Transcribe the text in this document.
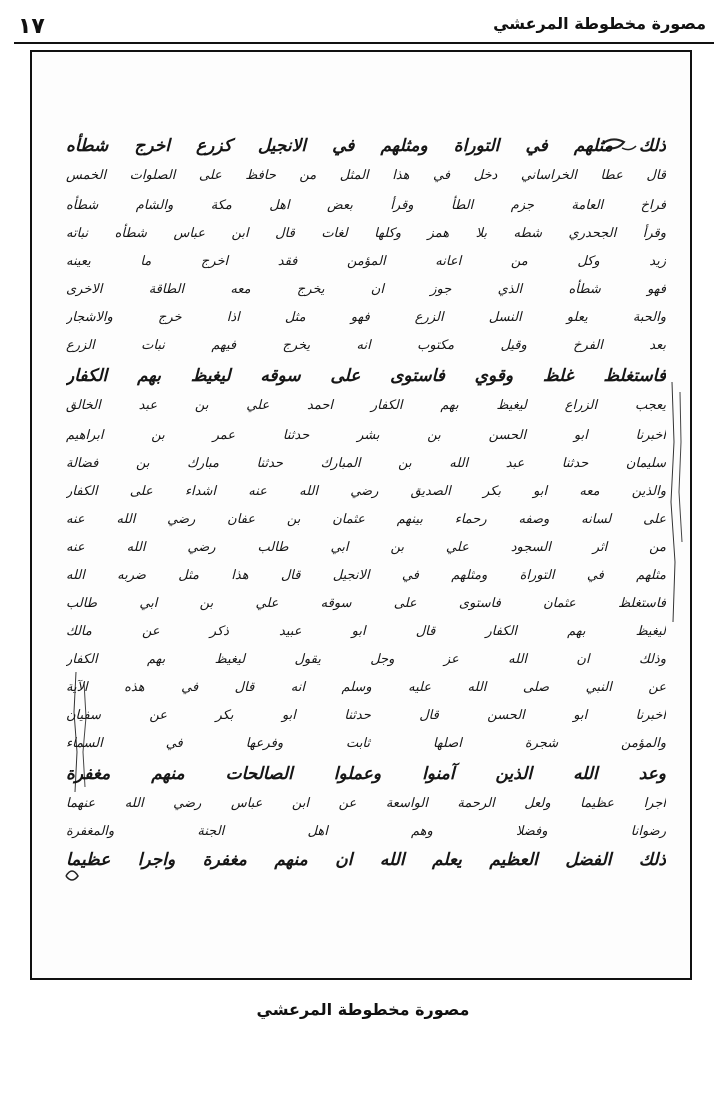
١٧	مصورة مخطوطة المرعشي
ذلك مثلهم في التوراة ومثلهم في الانجيل كزرع اخرج شطأه
قال عطا الخراساني دخل في هذا المثل من حافظ على الصلوات الخمس
فراخ العامة جزم الطأ وقرأ بعض اهل مكة والشام شطأه
وقرأ الجحدري شطه بلا همز وكلها لغات قال ابن عباس شطأه نباته
زيد وكل من اعانه المؤمن فقد اخرج ما يعينه
فهو شطأه الذي جوز ان يخرج معه الطاقة الاخرى
والحبة يعلو النسل الزرع فهو مثل اذا خرج والاشجار
بعد الفرخ وقيل مكتوب انه يخرج فيهم نبات الزرع
فاستغلظ غلظ وقوي فاستوى على سوقه ليغيظ بهم الكفار
يعجب الزراع ليغيظ بهم الكفار احمد علي بن عبد الخالق
اخبرنا ابو الحسن بن بشر حدثنا عمر بن ابراهيم
سليمان حدثنا عبد الله بن المبارك حدثنا مبارك بن فضالة
والذين معه ابو بكر الصديق رضي الله عنه اشداء على الكفار
على لسانه وصفه رحماء بينهم عثمان بن عفان رضي الله عنه
من اثر السجود علي بن ابي طالب رضي الله عنه
مثلهم في التوراة ومثلهم في الانجيل قال هذا مثل ضربه الله
فاستغلظ عثمان فاستوى على سوقه علي بن ابي طالب
ليغيظ بهم الكفار قال ابو عبيد ذكر عن مالك
وذلك ان الله عز وجل يقول ليغيظ بهم الكفار
عن النبي صلى الله عليه وسلم انه قال في هذه الآية
اخبرنا ابو الحسن قال حدثنا ابو بكر عن سفيان
والمؤمن شجرة اصلها ثابت وفرعها في السماء
وعد الله الذين آمنوا وعملوا الصالحات منهم مغفرة
اجرا عظيما ولعل الرحمة الواسعة عن ابن عباس رضي الله عنهما
رضوانا وفضلا وهم اهل الجنة والمغفرة
ذلك الفضل العظيم يعلم الله ان منهم مغفرة واجرا عظيما
مصورة مخطوطة المرعشي
